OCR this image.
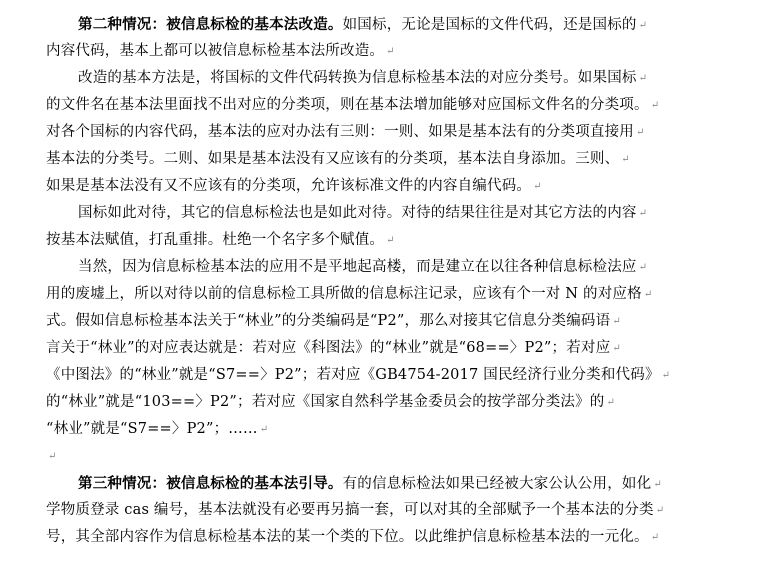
第二种情况：被信息标检的基本法改造。如国标，无论是国标的文件代码，还是国标的 ↵
内容代码，基本上都可以被信息标检基本法所改造。 ↵
改造的基本方法是，将国标的文件代码转换为信息标检基本法的对应分类号。如果国标 ↵
的文件名在基本法里面找不出对应的分类项，则在基本法增加能够对应国标文件名的分类项。 ↵
对各个国标的内容代码，基本法的应对办法有三则：一则、如果是基本法有的分类项直接用 ↵
基本法的分类号。二则、如果是基本法没有又应该有的分类项，基本法自身添加。三则、 ↵
如果是基本法没有又不应该有的分类项，允许该标准文件的内容自编代码。 ↵
国标如此对待，其它的信息标检法也是如此对待。对待的结果往往是对其它方法的内容 ↵
按基本法赋值，打乱重排。杜绝一个名字多个赋值。 ↵
当然，因为信息标检基本法的应用不是平地起高楼，而是建立在以往各种信息标检法应 ↵
用的废墟上，所以对待以前的信息标检工具所做的信息标注记录，应该有个一对 N 的对应格 ↵
式。假如信息标检基本法关于“林业”的分类编码是“P2”，那么对接其它信息分类编码语 ↵
言关于“林业”的对应表达就是：若对应《科图法》的“林业”就是“68==〉P2”；若对应 ↵
《中图法》的“林业”就是“S7==〉P2”；若对应《GB4754-2017 国民经济行业分类和代码》 ↵
的“林业”就是“103==〉P2”；若对应《国家自然科学基金委员会的按学部分类法》的 ↵
“林业”就是“S7==〉P2”；…… ↵
↵
第三种情况：被信息标检的基本法引导。有的信息标检法如果已经被大家公认公用，如化 ↵
学物质登录 cas 编号，基本法就没有必要再另搞一套，可以对其的全部赋予一个基本法的分类 ↵
号，其全部内容作为信息标检基本法的某一个类的下位。以此维护信息标检基本法的一元化。 ↵
